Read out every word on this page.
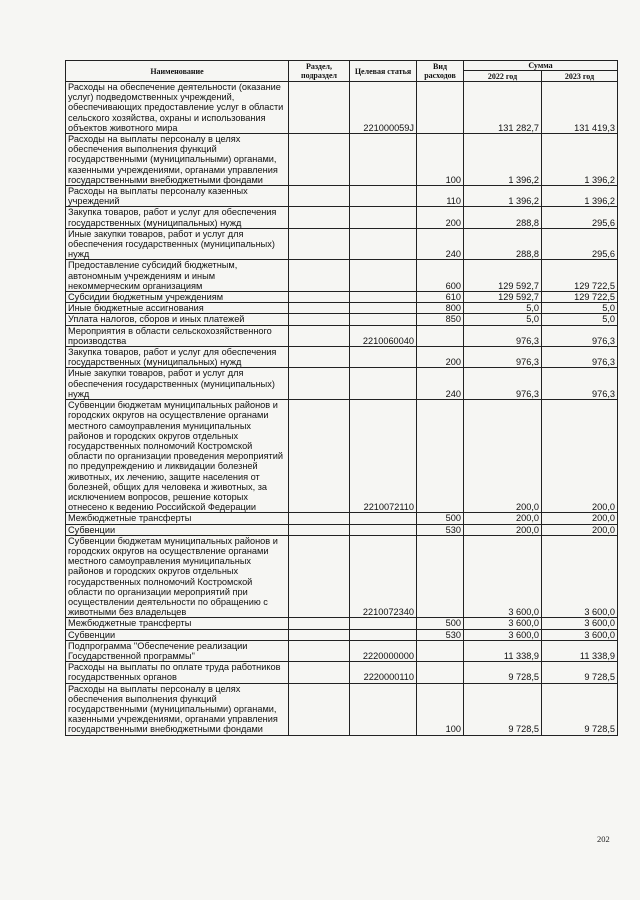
Наименование	Раздел, подраздел	Целевая статья	Вид расходов	Сумма	
				2022 год	2023 год
Расходы на обеспечение деятельности (оказание услуг) подведомственных учреждений, обеспечивающих предоставление услуг в области сельского хозяйства, охраны и использования объектов животного мира		221000059J		131 282,7	131 419,3
Расходы на выплаты персоналу в целях обеспечения выполнения функций государственными (муниципальными) органами, казенными учреждениями, органами управления государственными внебюджетными фондами			100	1 396,2	1 396,2
Расходы на выплаты персоналу казенных учреждений			110	1 396,2	1 396,2
Закупка товаров, работ и услуг для обеспечения государственных (муниципальных) нужд			200	288,8	295,6
Иные закупки товаров, работ и услуг для обеспечения государственных (муниципальных) нужд			240	288,8	295,6
Предоставление субсидий бюджетным, автономным учреждениям и иным некоммерческим организациям			600	129 592,7	129 722,5
Субсидии бюджетным учреждениям			610	129 592,7	129 722,5
Иные бюджетные ассигнования			800	5,0	5,0
Уплата налогов, сборов и иных платежей			850	5,0	5,0
Мероприятия в области сельскохозяйственного производства		2210060040		976,3	976,3
Закупка товаров, работ и услуг для обеспечения государственных (муниципальных) нужд			200	976,3	976,3
Иные закупки товаров, работ и услуг для обеспечения государственных (муниципальных) нужд			240	976,3	976,3
Субвенции бюджетам муниципальных районов и городских округов на осуществление органами местного самоуправления муниципальных районов и городских округов отдельных государственных полномочий Костромской области по организации проведения мероприятий по предупреждению и ликвидации болезней животных, их лечению, защите населения от болезней, общих для человека и животных, за исключением вопросов, решение которых отнесено к ведению Российской Федерации		2210072110		200,0	200,0
Межбюджетные трансферты			500	200,0	200,0
Субвенции			530	200,0	200,0
Субвенции бюджетам муниципальных районов и городских округов на осуществление органами местного самоуправления муниципальных районов и городских округов отдельных государственных полномочий Костромской области по организации мероприятий при осуществлении деятельности по обращению с животными без владельцев		2210072340		3 600,0	3 600,0
Межбюджетные трансферты			500	3 600,0	3 600,0
Субвенции			530	3 600,0	3 600,0
Подпрограмма "Обеспечение реализации Государственной программы"		2220000000		11 338,9	11 338,9
Расходы на выплаты по оплате труда работников государственных органов		2220000110		9 728,5	9 728,5
Расходы на выплаты персоналу в целях обеспечения выполнения функций государственными (муниципальными) органами, казенными учреждениями, органами управления государственными внебюджетными фондами			100	9 728,5	9 728,5
202
